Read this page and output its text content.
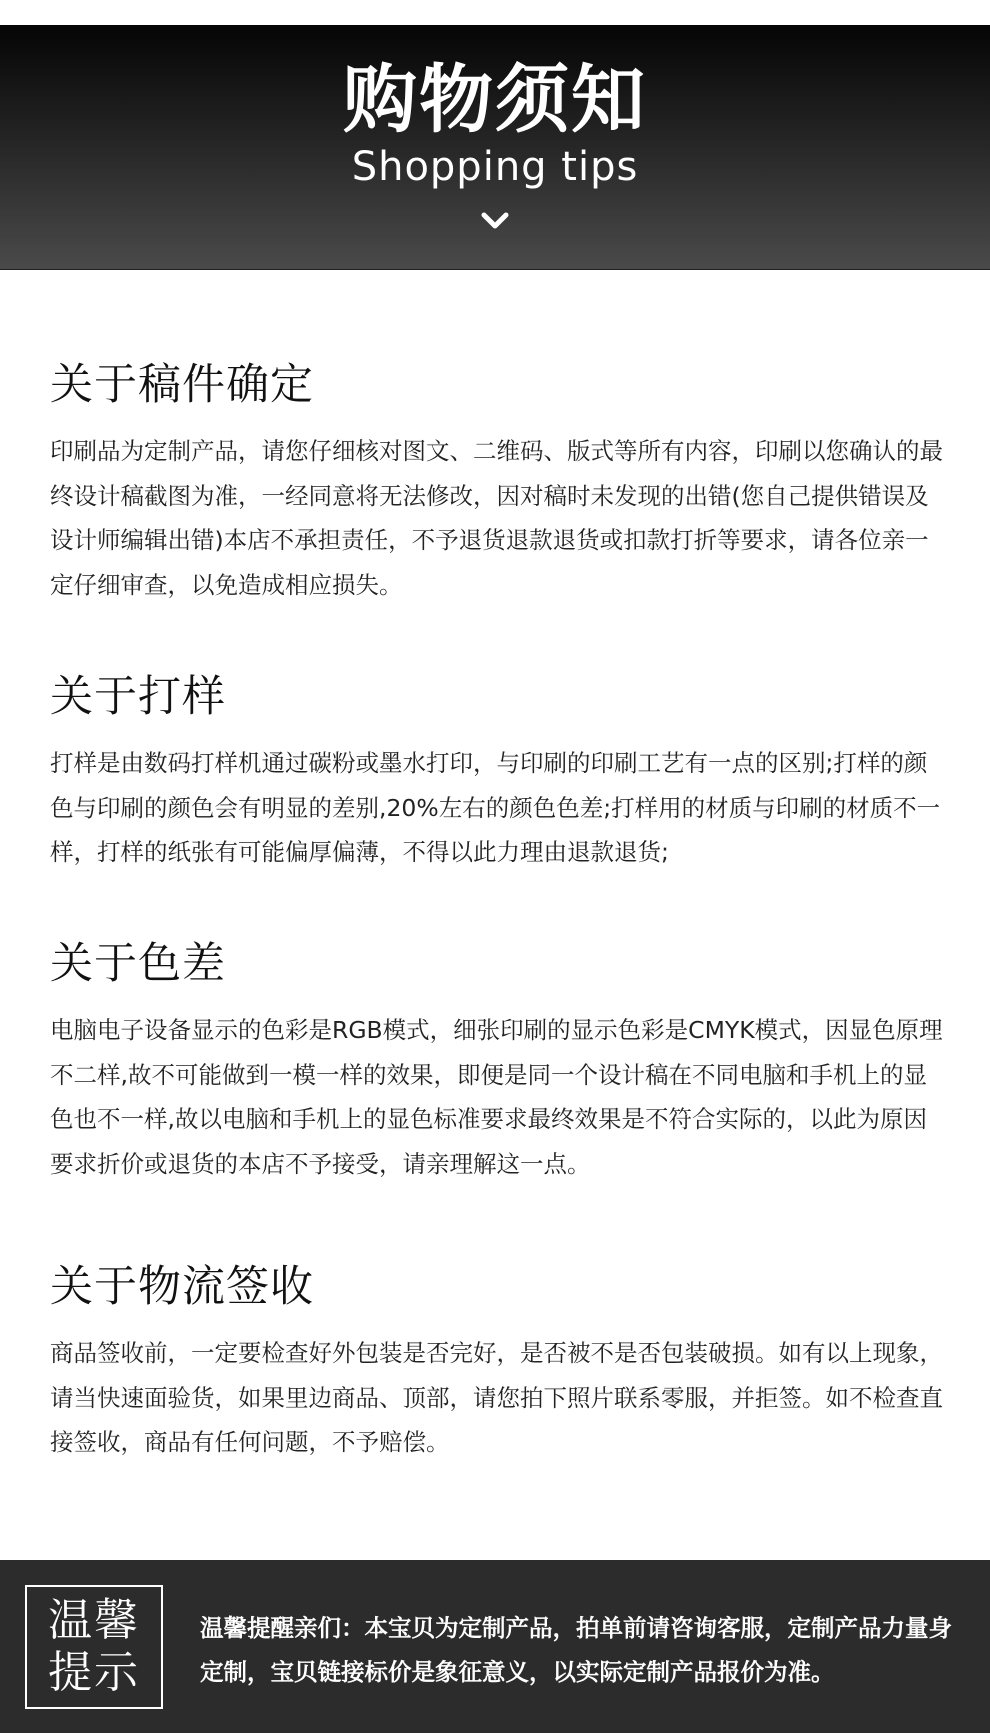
购物须知
Shopping tips
关于稿件确定

印刷品为定制产品，请您仔细核对图文、二维码、版式等所有内容，印刷以您确认的最终设计稿截图为准，一经同意将无法修改，因对稿时未发现的出错(您自己提供错误及设计师编辑出错)本店不承担责任，不予退货退款退货或扣款打折等要求，请各位亲一定仔细审查，以免造成相应损失。

关于打样

打样是由数码打样机通过碳粉或墨水打印，与印刷的印刷工艺有一点的区别;打样的颜色与印刷的颜色会有明显的差别,20%左右的颜色色差;打样用的材质与印刷的材质不一样，打样的纸张有可能偏厚偏薄，不得以此力理由退款退货;

关于色差

电脑电子设备显示的色彩是RGB模式，细张印刷的显示色彩是CMYK模式，因显色原理不二样,故不可能做到一模一样的效果，即便是同一个设计稿在不同电脑和手机上的显色也不一样,故以电脑和手机上的显色标准要求最终效果是不符合实际的，以此为原因要求折价或退货的本店不予接受，请亲理解这一点。

关于物流签收

商品签收前，一定要检查好外包装是否完好，是否被不是否包装破损。如有以上现象，请当快速面验货，如果里边商品、顶部，请您拍下照片联系零服，并拒签。如不检查直接签收，商品有任何问题，不予赔偿。

温馨
提示
温馨提醒亲们：本宝贝为定制产品，拍单前请咨询客服，定制产品力量身定制，宝贝链接标价是象征意义，以实际定制产品报价为准。
